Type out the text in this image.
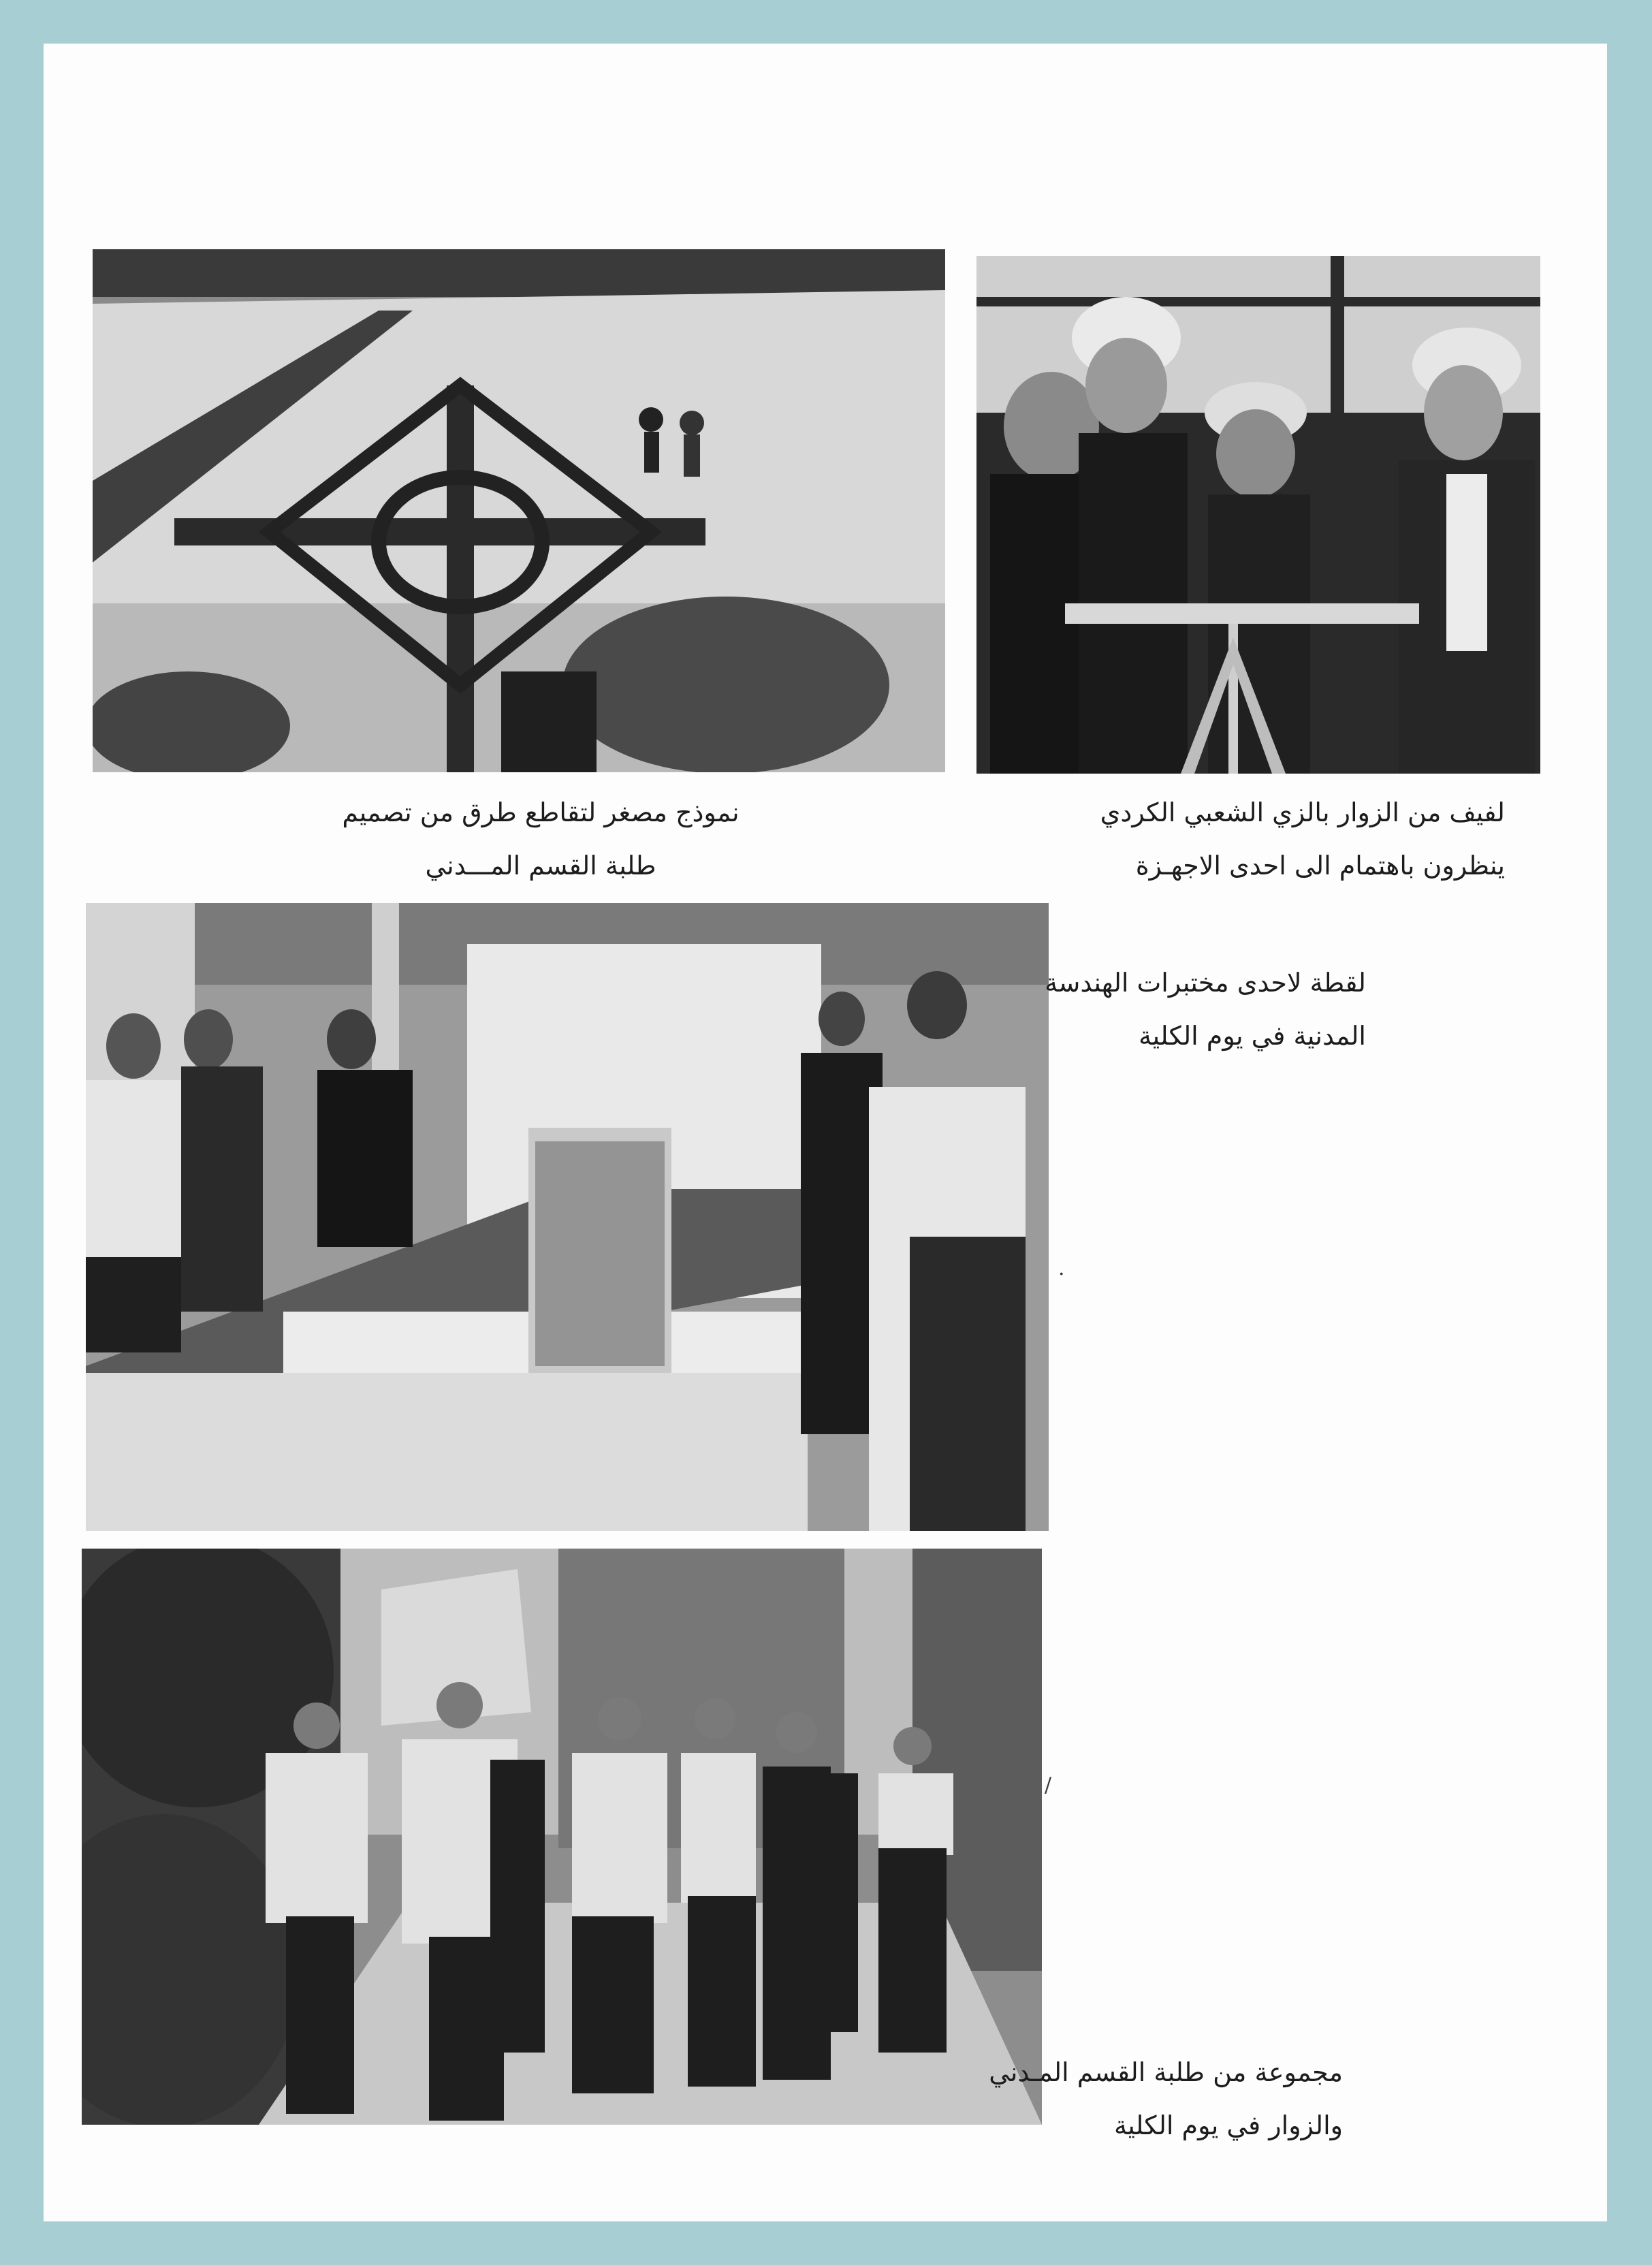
نموذج مصغر لتقاطع طرق من تصميم
طلبة القسم المـــدني
لفيف من الزوار بالزي الشعبي الكردي
ينظرون باهتمام الى احدى الاجهـزة
لقطة لاحدى مختبرات الهندسة
المدنية في يوم الكلية
·
/
مجموعة من طلبة القسم المـدني
والزوار في يوم الكلية
